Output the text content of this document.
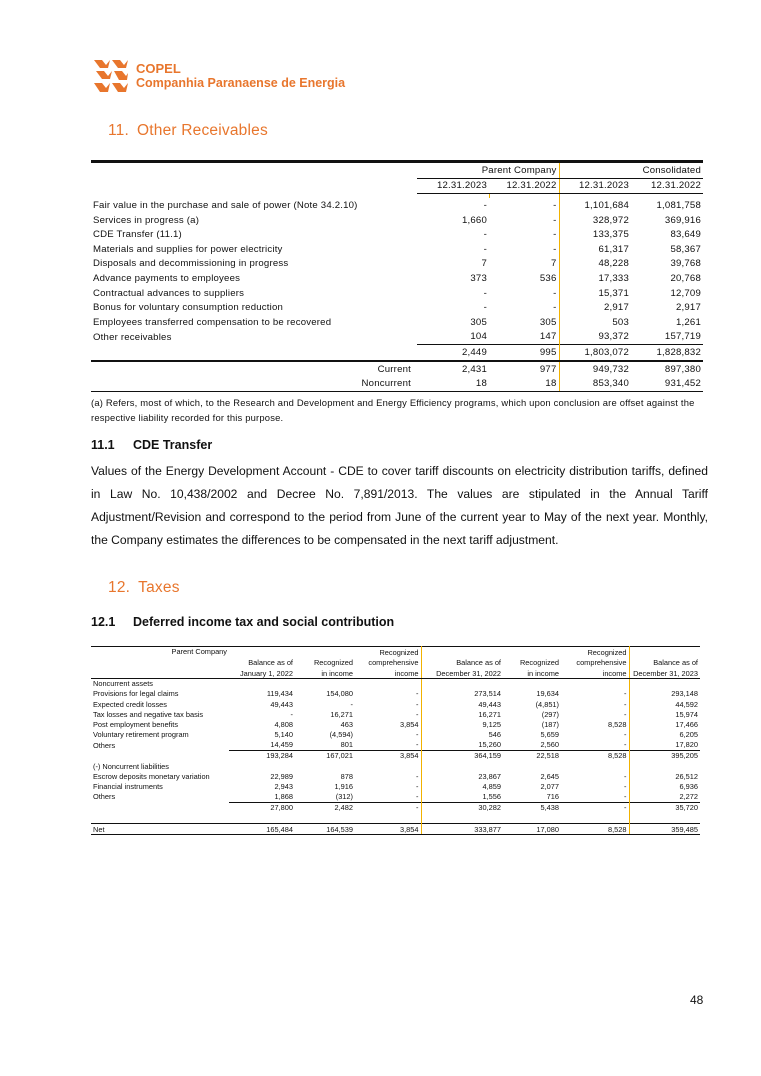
COPEL
Companhia Paranaense de Energia
11. Other Receivables
	Parent Company		Consolidated	
	12.31.2023	12.31.2022	12.31.2023	12.31.2022

Fair value in the purchase and sale of power (Note 34.2.10)	-	-	1,101,684	1,081,758
Services in progress (a)	1,660	-	328,972	369,916
CDE Transfer (11.1)	-	-	133,375	83,649
Materials and supplies for power electricity	-	-	61,317	58,367
Disposals and decommissioning in progress	7	7	48,228	39,768
Advance payments to employees	373	536	17,333	20,768
Contractual advances to suppliers	-	-	15,371	12,709
Bonus for voluntary consumption reduction	-	-	2,917	2,917
Employees transferred compensation to be recovered	305	305	503	1,261
Other receivables	104	147	93,372	157,719
	2,449	995	1,803,072	1,828,832
Current	2,431	977	949,732	897,380
Noncurrent	18	18	853,340	931,452
(a) Refers, most of which, to the Research and Development and Energy Efficiency programs, which upon conclusion are offset against the respective liability recorded for this purpose.
11.1 CDE Transfer
Values of the Energy Development Account - CDE to cover tariff discounts on electricity distribution tariffs, defined in Law No. 10,438/2002 and Decree No. 7,891/2013. The values are stipulated in the Annual Tariff Adjustment/Revision and correspond to the period from June of the current year to May of the next year. Monthly, the Company estimates the differences to be compensated in the next tariff adjustment.
12. Taxes
12.1 Deferred income tax and social contribution
Parent Company			Recognized			Recognized	
	Balance as of	Recognized	comprehensive	Balance as of	Recognized	comprehensive	Balance as of
	January 1, 2022	in income	income	December 31, 2022	in income	income	December 31, 2023
Noncurrent assets							
Provisions for legal claims	119,434	154,080	-	273,514	19,634	-	293,148
Expected credit losses	49,443	-	-	49,443	(4,851)	-	44,592
Tax losses and negative tax basis	-	16,271	-	16,271	(297)	-	15,974
Post employment benefits	4,808	463	3,854	9,125	(187)	8,528	17,466
Voluntary retirement program	5,140	(4,594)	-	546	5,659	-	6,205
Others	14,459	801	-	15,260	2,560	-	17,820
	193,284	167,021	3,854	364,159	22,518	8,528	395,205
(-) Noncurrent liabilities							
Escrow deposits monetary variation	22,989	878	-	23,867	2,645	-	26,512
Financial instruments	2,943	1,916	-	4,859	2,077	-	6,936
Others	1,868	(312)	-	1,556	716	-	2,272
	27,800	2,482	-	30,282	5,438	-	35,720

Net	165,484	164,539	3,854	333,877	17,080	8,528	359,485
48
